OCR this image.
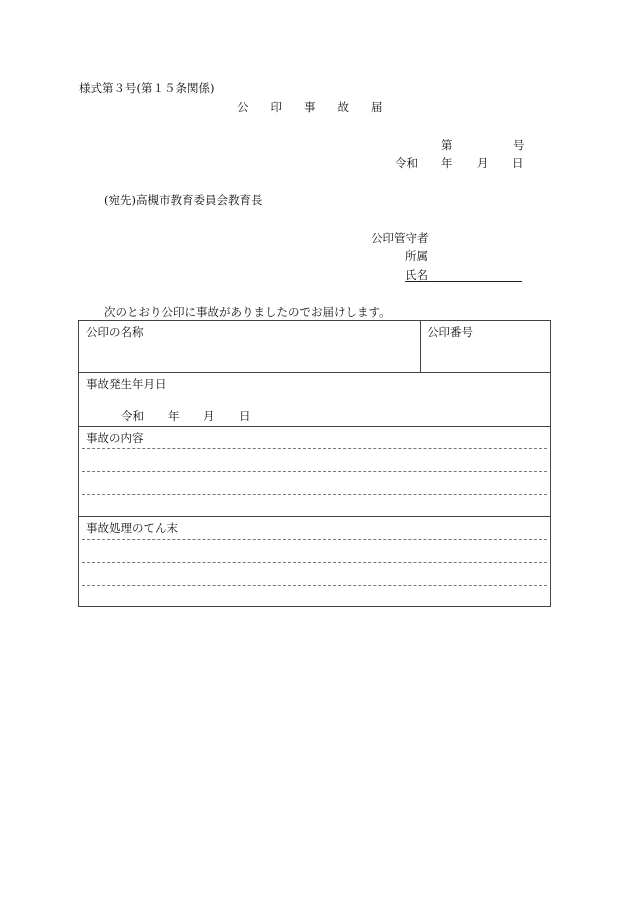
様式第３号(第１５条関係)
公 印 事 故 届
第	号
令和 年 月 日
(宛先)高槻市教育委員会教育長
公印管守者
所属
氏名
次のとおり公印に事故がありましたのでお届けします。
公印の名称	公印番号
事故発生年月日
令和 年 月 日
事故の内容
事故処理のてん末
